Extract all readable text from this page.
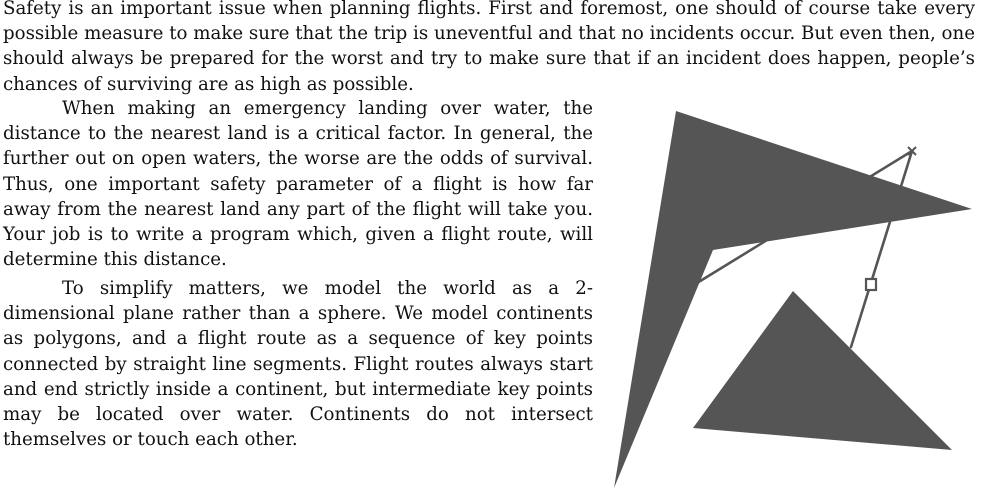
Safety is an important issue when planning flights. First and foremost, one should of course take every possible measure to make sure that the trip is uneventful and that no incidents occur. But even then, one should always be prepared for the worst and try to make sure that if an incident does happen, people’s chances of surviving are as high as possible.

When making an emergency landing over water, the distance to the nearest land is a critical factor. In general, the further out on open waters, the worse are the odds of survival. Thus, one important safety parameter of a flight is how far away from the nearest land any part of the flight will take you. Your job is to write a program which, given a flight route, will determine this distance.

To simplify matters, we model the world as a 2-dimensional plane rather than a sphere. We model continents as polygons, and a flight route as a sequence of key points connected by straight line segments. Flight routes always start and end strictly inside a continent, but intermediate key points may be located over water. Continents do not intersect themselves or touch each other.
